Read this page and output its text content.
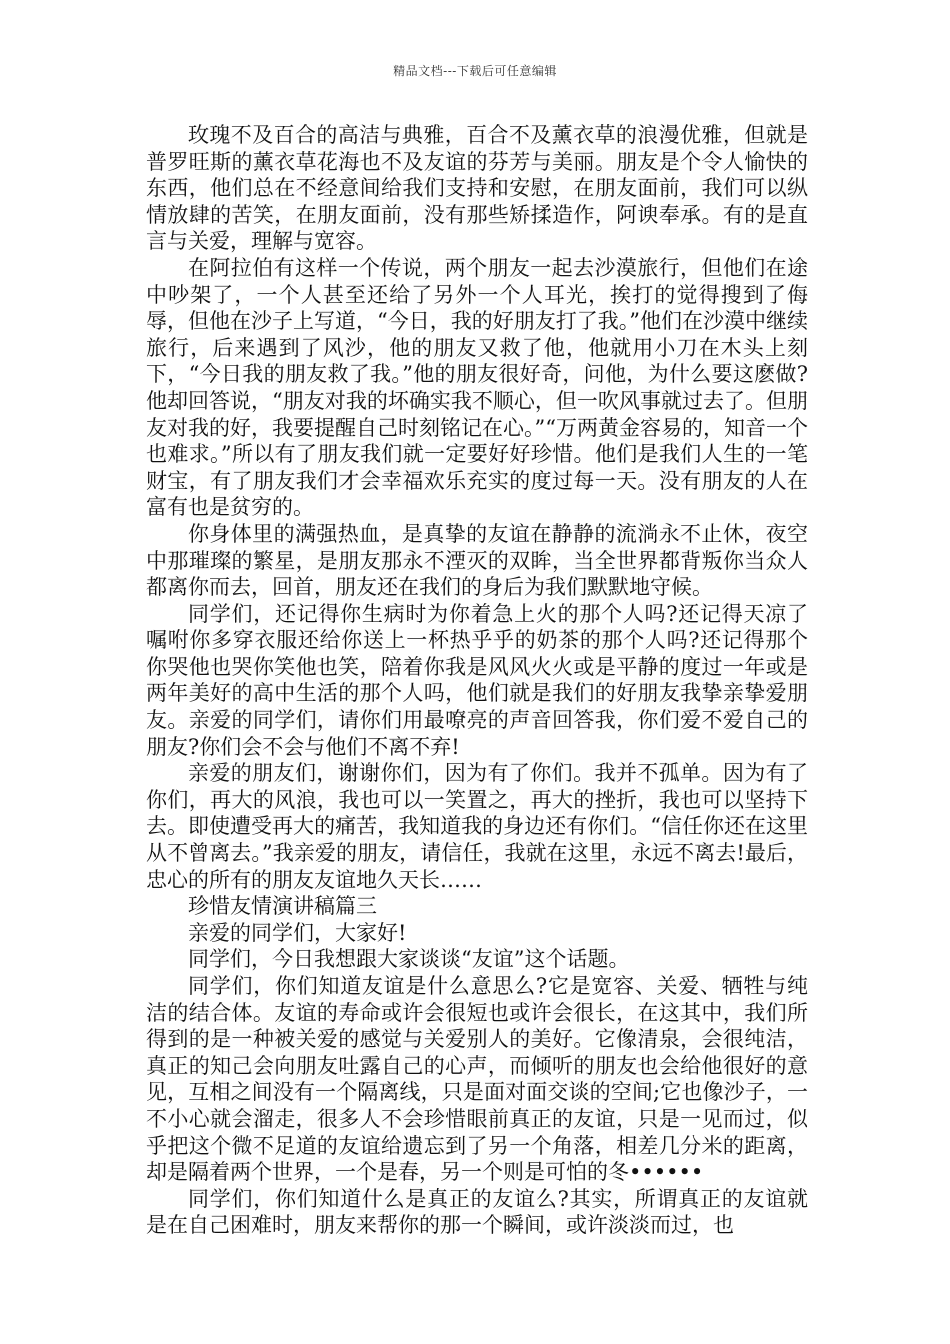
精品文档---下载后可任意编辑

玫瑰不及百合的高洁与典雅，百合不及薰衣草的浪漫优雅，但就是普罗旺斯的薰衣草花海也不及友谊的芬芳与美丽。朋友是个令人愉快的东西，他们总在不经意间给我们支持和安慰，在朋友面前，我们可以纵情放肆的苦笑，在朋友面前，没有那些矫揉造作，阿谀奉承。有的是直言与关爱，理解与宽容。

在阿拉伯有这样一个传说，两个朋友一起去沙漠旅行，但他们在途中吵架了，一个人甚至还给了另外一个人耳光，挨打的觉得搜到了侮辱，但他在沙子上写道，“今日，我的好朋友打了我。”他们在沙漠中继续旅行，后来遇到了风沙，他的朋友又救了他，他就用小刀在木头上刻下，“今日我的朋友救了我。”他的朋友很好奇，问他，为什么要这麽做?他却回答说，“朋友对我的坏确实我不顺心，但一吹风事就过去了。但朋友对我的好，我要提醒自己时刻铭记在心。”“万两黄金容易的，知音一个也难求。”所以有了朋友我们就一定要好好珍惜。他们是我们人生的一笔财宝，有了朋友我们才会幸福欢乐充实的度过每一天。没有朋友的人在富有也是贫穷的。

你身体里的满强热血，是真挚的友谊在静静的流淌永不止休，夜空中那璀璨的繁星，是朋友那永不湮灭的双眸，当全世界都背叛你当众人都离你而去，回首，朋友还在我们的身后为我们默默地守候。

同学们，还记得你生病时为你着急上火的那个人吗?还记得天凉了嘱咐你多穿衣服还给你送上一杯热乎乎的奶茶的那个人吗?还记得那个你哭他也哭你笑他也笑，陪着你我是风风火火或是平静的度过一年或是两年美好的高中生活的那个人吗，他们就是我们的好朋友我挚亲挚爱朋友。亲爱的同学们，请你们用最嘹亮的声音回答我，你们爱不爱自己的朋友?你们会不会与他们不离不弃!

亲爱的朋友们，谢谢你们，因为有了你们。我并不孤单。因为有了你们，再大的风浪，我也可以一笑置之，再大的挫折，我也可以坚持下去。即使遭受再大的痛苦，我知道我的身边还有你们。“信任你还在这里从不曾离去。”我亲爱的朋友，请信任，我就在这里，永远不离去!最后，忠心的所有的朋友友谊地久天长……

珍惜友情演讲稿篇三

亲爱的同学们，大家好!

同学们，今日我想跟大家谈谈“友谊”这个话题。

同学们，你们知道友谊是什么意思么?它是宽容、关爱、牺牲与纯洁的结合体。友谊的寿命或许会很短也或许会很长，在这其中，我们所得到的是一种被关爱的感觉与关爱别人的美好。它像清泉，会很纯洁，真正的知己会向朋友吐露自己的心声，而倾听的朋友也会给他很好的意见，互相之间没有一个隔离线，只是面对面交谈的空间;它也像沙子，一不小心就会溜走，很多人不会珍惜眼前真正的友谊，只是一见而过，似乎把这个微不足道的友谊给遗忘到了另一个角落，相差几分米的距离，却是隔着两个世界，一个是春，另一个则是可怕的冬••••••

同学们，你们知道什么是真正的友谊么?其实，所谓真正的友谊就是在自己困难时，朋友来帮你的那一个瞬间，或许淡淡而过，也
